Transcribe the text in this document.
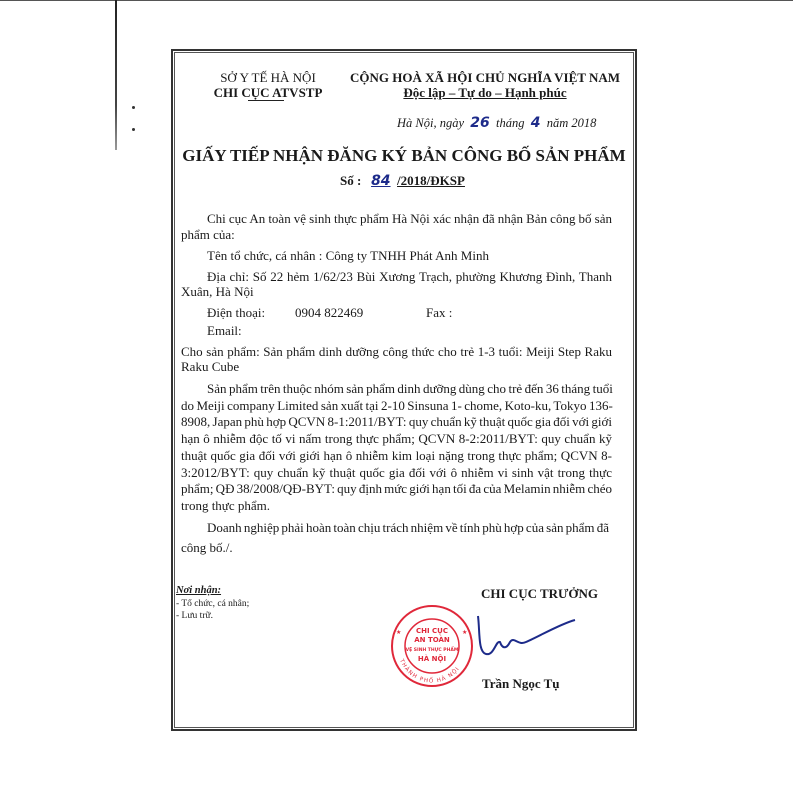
SỞ Y TẾ HÀ NỘI
CHI CỤC ATVSTP
CỘNG HOÀ XÃ HỘI CHỦ NGHĨA VIỆT NAM
Độc lập – Tự do – Hạnh phúc
Hà Nội, ngày 26 tháng 4 năm 2018
GIẤY TIẾP NHẬN ĐĂNG KÝ BẢN CÔNG BỐ SẢN PHẨM
Số : 84 /2018/ĐKSP
Chi cục An toàn vệ sinh thực phẩm Hà Nội xác nhận đã nhận Bản công bố sản
phẩm của:
Tên tổ chức, cá nhân : Công ty TNHH Phát Anh Minh
Địa chỉ: Số 22 hẻm 1/62/23 Bùi Xương Trạch, phường Khương Đình, Thanh
Xuân, Hà Nội
Điện thoại: 0904 822469	Fax :
Email:
Cho sản phẩm: Sản phẩm dinh dưỡng công thức cho trẻ 1-3 tuổi: Meiji Step Raku
Raku Cube
Sản phẩm trên thuộc nhóm sản phẩm dinh dưỡng dùng cho trẻ đến 36 tháng tuổi
do Meiji company Limited sản xuất tại 2-10 Sinsuna 1- chome, Koto-ku, Tokyo 136-
8908, Japan phù hợp QCVN 8-1:2011/BYT: quy chuẩn kỹ thuật quốc gia đối với giới
hạn ô nhiễm độc tố vi nấm trong thực phẩm; QCVN 8-2:2011/BYT: quy chuẩn kỹ
thuật quốc gia đối với giới hạn ô nhiễm kim loại nặng trong thực phẩm; QCVN 8-
3:2012/BYT: quy chuẩn kỹ thuật quốc gia đối với ô nhiễm vi sinh vật trong thực
phẩm; QĐ 38/2008/QĐ-BYT: quy định mức giới hạn tối đa của Melamin nhiễm chéo
trong thực phẩm.
Doanh nghiệp phải hoàn toàn chịu trách nhiệm về tính phù hợp của sản phẩm đã
công bố./.
Nơi nhận:
- Tổ chức, cá nhân;
- Lưu trữ.
CHI CỤC TRƯỞNG
CHI CỤC
AN TOÀN
VỆ SINH THỰC PHẨM
HÀ NỘI
★	★
THÀNH PHỐ HÀ NỘI
Trần Ngọc Tụ
